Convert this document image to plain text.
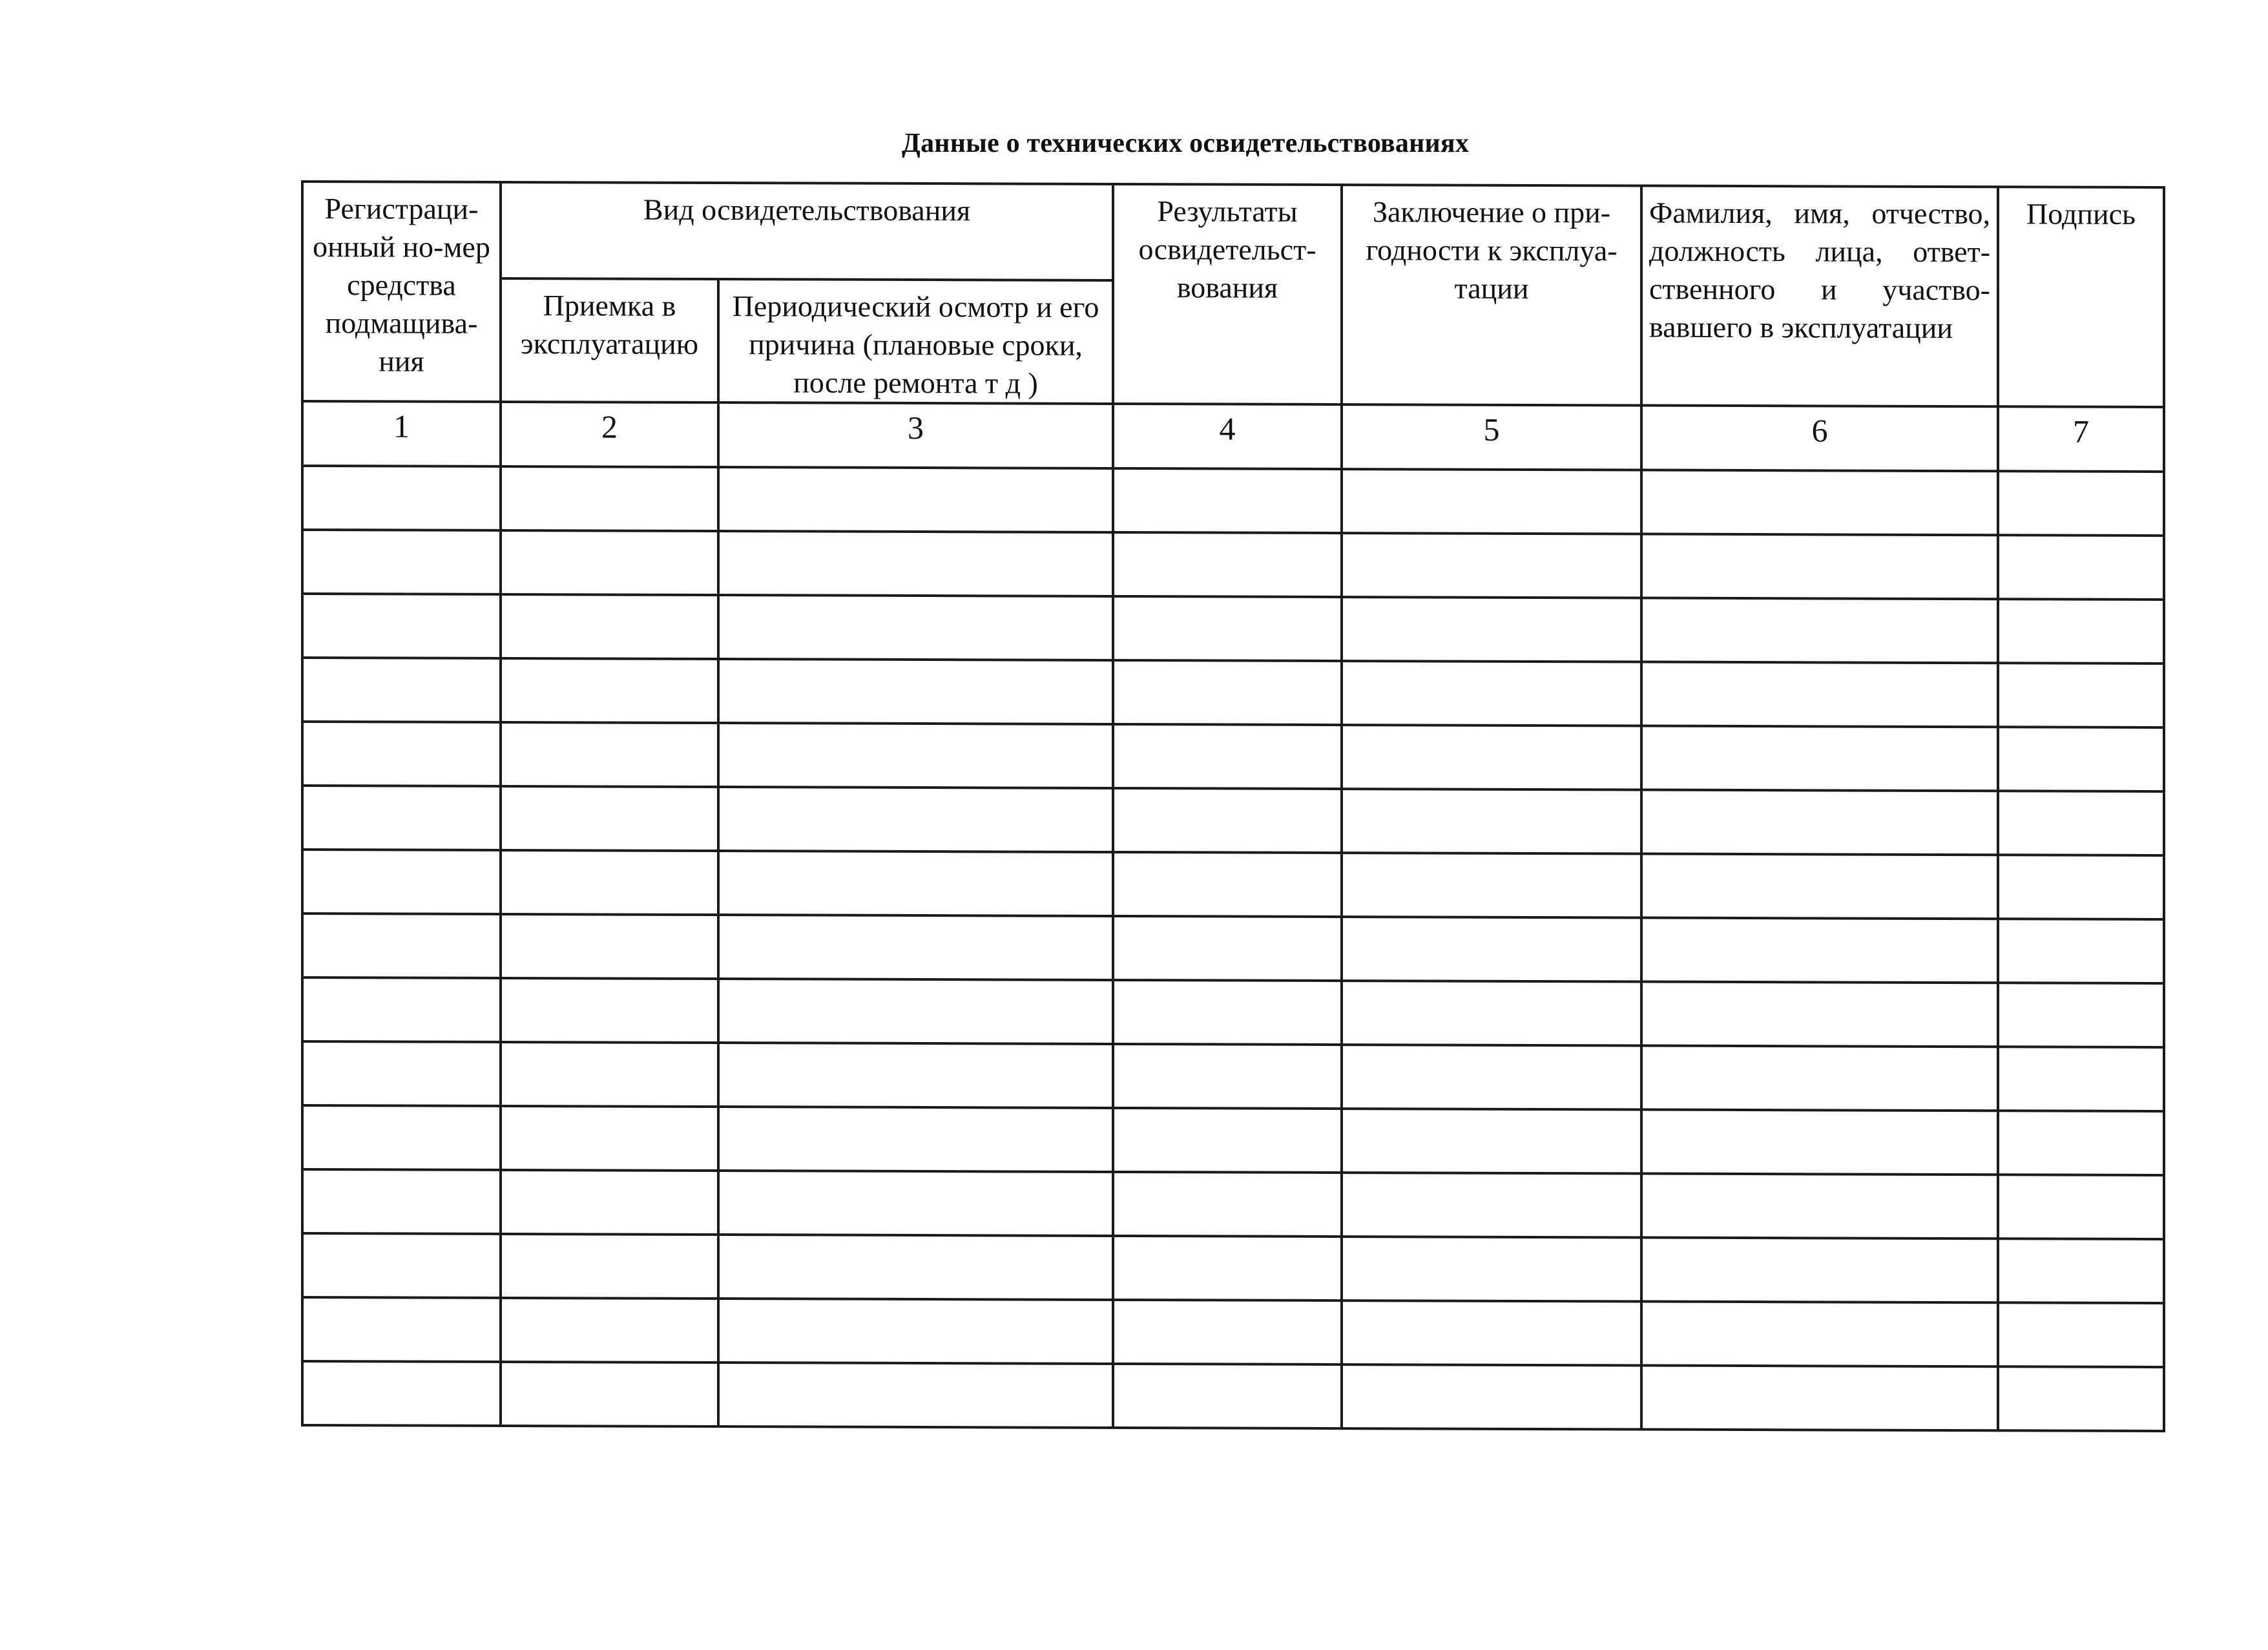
Данные о технических освидетельствованиях
Регистраци-онный но-мер средства подмащива-ния	Вид освидетельствования		Результаты освидетельст-вования	Заключение о при-годности к эксплуа-тации	Фамилия, имя, отчество, должность лица, ответ-ственного и участво-вавшего в эксплуатации	Подпись

	Приемка в эксплуатацию	Периодический осмотр и его причина (плановые сроки, после ремонта т д )				

1	2	3	4	5	6	7
